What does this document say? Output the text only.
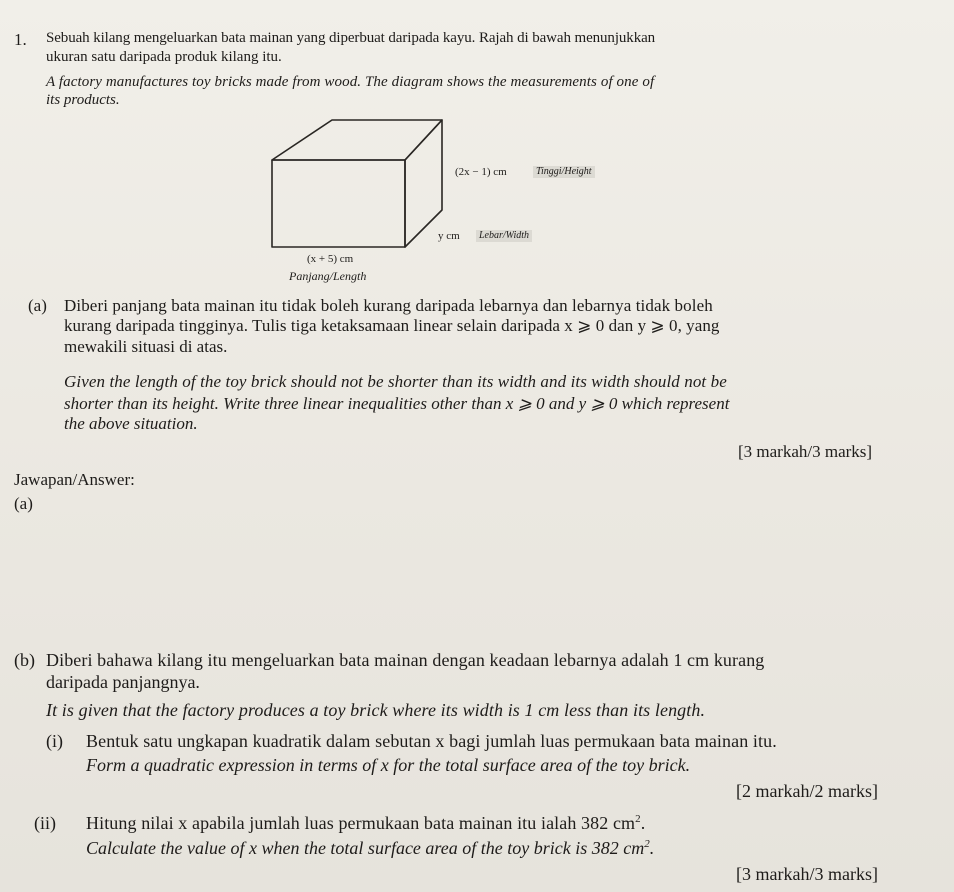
1. Sebuah kilang mengeluarkan bata mainan yang diperbuat daripada kayu. Rajah di bawah menunjukkan
ukuran satu daripada produk kilang itu.
A factory manufactures toy bricks made from wood. The diagram shows the measurements of one of
its products.
(2x − 1) cm	Tinggi/Height
y cm	Lebar/Width
(x + 5) cm
Panjang/Length
(a) Diberi panjang bata mainan itu tidak boleh kurang daripada lebarnya dan lebarnya tidak boleh
kurang daripada tingginya. Tulis tiga ketaksamaan linear selain daripada x ⩾ 0 dan y ⩾ 0, yang
mewakili situasi di atas.
Given the length of the toy brick should not be shorter than its width and its width should not be
shorter than its height. Write three linear inequalities other than x ⩾ 0 and y ⩾ 0 which represent
the above situation.
[3 markah/3 marks]
Jawapan/Answer:
(a)
(b) Diberi bahawa kilang itu mengeluarkan bata mainan dengan keadaan lebarnya adalah 1 cm kurang
daripada panjangnya.
It is given that the factory produces a toy brick where its width is 1 cm less than its length.
(i) Bentuk satu ungkapan kuadratik dalam sebutan x bagi jumlah luas permukaan bata mainan itu.
Form a quadratic expression in terms of x for the total surface area of the toy brick.
[2 markah/2 marks]
(ii) Hitung nilai x apabila jumlah luas permukaan bata mainan itu ialah 382 $cm^2$.
Calculate the value of x when the total surface area of the toy brick is 382 $cm^2$.
[3 markah/3 marks]
